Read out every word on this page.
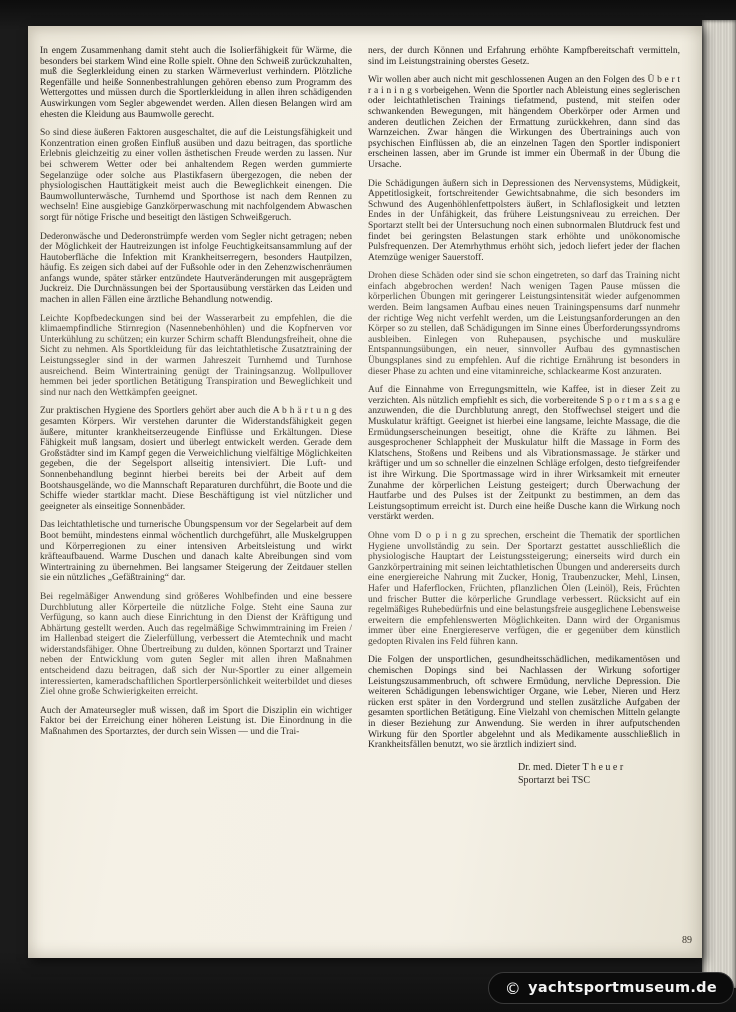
In engem Zusammenhang damit steht auch die Isolierfähigkeit für Wärme, die besonders bei starkem Wind eine Rolle spielt. Ohne den Schweiß zurückzuhalten, muß die Seglerkleidung einen zu starken Wärmeverlust verhindern. Plötzliche Regenfälle und heiße Sonnenbestrahlungen gehören ebenso zum Programm des Wettergottes und müssen durch die Sportlerkleidung in allen ihren schädigenden Auswirkungen vom Segler abgewendet werden. Allen diesen Belangen wird am ehesten die Kleidung aus Baumwolle gerecht.

So sind diese äußeren Faktoren ausgeschaltet, die auf die Leistungsfähigkeit und Konzentration einen großen Einfluß ausüben und dazu beitragen, das sportliche Erlebnis gleichzeitig zu einer vollen ästhetischen Freude werden zu lassen. Nur bei schwerem Wetter oder bei anhaltendem Regen werden gummierte Segelanzüge oder solche aus Plastikfasern übergezogen, die neben der physiologischen Hauttätigkeit meist auch die Beweglichkeit einengen. Die Baumwollunterwäsche, Turnhemd und Sporthose ist nach dem Rennen zu wechseln! Eine ausgiebige Ganzkörperwaschung mit nachfolgendem Abwaschen sorgt für nötige Frische und beseitigt den lästigen Schweißgeruch.

Dederonwäsche und Dederonstrümpfe werden vom Segler nicht getragen; neben der Möglichkeit der Hautreizungen ist infolge Feuchtigkeitsansammlung auf der Hautoberfläche die Infektion mit Krankheitserregern, besonders Hautpilzen, häufig. Es zeigen sich dabei auf der Fußsohle oder in den Zehenzwischenräumen anfangs wunde, später stärker entzündete Hautveränderungen mit ausgeprägtem Juckreiz. Die Durchnässungen bei der Sportausübung verstärken das Leiden und machen in allen Fällen eine ärztliche Behandlung notwendig.

Leichte Kopfbedeckungen sind bei der Wasserarbeit zu empfehlen, die die klimaempfindliche Stirnregion (Nasennebenhöhlen) und die Kopfnerven vor Unterkühlung zu schützen; ein kurzer Schirm schafft Blendungsfreiheit, ohne die Sicht zu nehmen. Als Sportkleidung für das leichtathletische Zusatztraining der Leistungssegler sind in der warmen Jahreszeit Turnhemd und Turnhose ausreichend. Beim Wintertraining genügt der Trainingsanzug. Wollpullover hemmen bei jeder sportlichen Betätigung Transpiration und Beweglichkeit und sind nur nach den Wettkämpfen geeignet.

Zur praktischen Hygiene des Sportlers gehört aber auch die A b h ä r t u n g des gesamten Körpers. Wir verstehen darunter die Widerstandsfähigkeit gegen äußere, mitunter krankheitserzeugende Einflüsse und Erkältungen. Diese Fähigkeit muß langsam, dosiert und überlegt entwickelt werden. Gerade dem Großstädter sind im Kampf gegen die Verweichlichung vielfältige Möglichkeiten gegeben, die der Segelsport allseitig intensiviert. Die Luft- und Sonnenbehandlung beginnt hierbei bereits bei der Arbeit auf dem Bootshausgelände, wo die Mannschaft Reparaturen durchführt, die Boote und die Schiffe wieder startklar macht. Diese Beschäftigung ist viel nützlicher und geeigneter als einseitige Sonnenbäder.

Das leichtathletische und turnerische Übungspensum vor der Segelarbeit auf dem Boot bemüht, mindestens einmal wöchentlich durchgeführt, alle Muskelgruppen und Körperregionen zu einer intensiven Arbeitsleistung und wirkt kräfteaufbauend. Warme Duschen und danach kalte Abreibungen sind vom Wintertraining zu übernehmen. Bei langsamer Steigerung der Zeitdauer stellen sie ein nützliches „Gefäßtraining“ dar.

Bei regelmäßiger Anwendung sind größeres Wohlbefinden und eine bessere Durchblutung aller Körperteile die nützliche Folge. Steht eine Sauna zur Verfügung, so kann auch diese Einrichtung in den Dienst der Kräftigung und Abhärtung gestellt werden. Auch das regelmäßige Schwimmtraining im Freien / im Hallenbad steigert die Zielerfüllung, verbessert die Atemtechnik und macht widerstandsfähiger. Ohne Übertreibung zu dulden, können Sportarzt und Trainer neben der Entwicklung vom guten Segler mit allen ihren Maßnahmen entscheidend dazu beitragen, daß sich der Nur-Sportler zu einer allgemein interessierten, kameradschaftlichen Sportlerpersönlichkeit weiterbildet und dieses Ziel ohne große Schwierigkeiten erreicht.

Auch der Amateursegler muß wissen, daß im Sport die Disziplin ein wichtiger Faktor bei der Erreichung einer höheren Leistung ist. Die Einordnung in die Maßnahmen des Sportarztes, der durch sein Wissen — und die Trai-

ners, der durch Können und Erfahrung erhöhte Kampfbereitschaft vermitteln, sind im Leistungstraining oberstes Gesetz.

Wir wollen aber auch nicht mit geschlossenen Augen an den Folgen des Ü b e r t r a i n i n g s vorbeigehen. Wenn die Sportler nach Ableistung eines seglerischen oder leichtathletischen Trainings tiefatmend, pustend, mit steifen oder schwankenden Bewegungen, mit hängendem Oberkörper oder Armen und anderen deutlichen Zeichen der Ermattung zurückkehren, dann sind das Warnzeichen. Zwar hängen die Wirkungen des Übertrainings auch von psychischen Einflüssen ab, die an einzelnen Tagen den Sportler indisponiert erscheinen lassen, aber im Grunde ist immer ein Übermaß in der Übung die Ursache.

Die Schädigungen äußern sich in Depressionen des Nervensystems, Müdigkeit, Appetitlosigkeit, fortschreitender Gewichtsabnahme, die sich besonders im Schwund des Augenhöhlenfettpolsters äußert, in Schlaflosigkeit und letzten Endes in der Unfähigkeit, das frühere Leistungsniveau zu erreichen. Der Sportarzt stellt bei der Untersuchung noch einen subnormalen Blutdruck fest und findet bei geringsten Belastungen stark erhöhte und unökonomische Pulsfrequenzen. Der Atemrhythmus erhöht sich, jedoch liefert jeder der flachen Atemzüge weniger Sauerstoff.

Drohen diese Schäden oder sind sie schon eingetreten, so darf das Training nicht einfach abgebrochen werden! Nach wenigen Tagen Pause müssen die körperlichen Übungen mit geringerer Leistungsintensität wieder aufgenommen werden. Beim langsamen Aufbau eines neuen Trainingspensums darf nunmehr der richtige Weg nicht verfehlt werden, um die Leistungsanforderungen an den Körper so zu stellen, daß Schädigungen im Sinne eines Überforderungssyndroms ausbleiben. Einlegen von Ruhepausen, psychische und muskuläre Entspannungsübungen, ein neuer, sinnvoller Aufbau des gymnastischen Übungsplanes sind zu empfehlen. Auf die richtige Ernährung ist besonders in dieser Phase zu achten und eine vitaminreiche, schlackearme Kost anzuraten.

Auf die Einnahme von Erregungsmitteln, wie Kaffee, ist in dieser Zeit zu verzichten. Als nützlich empfiehlt es sich, die vorbereitende S p o r t m a s s a g e anzuwenden, die die Durchblutung anregt, den Stoffwechsel steigert und die Muskulatur kräftigt. Geeignet ist hierbei eine langsame, leichte Massage, die die Ermüdungserscheinungen beseitigt, ohne die Kräfte zu lähmen. Bei ausgesprochener Schlappheit der Muskulatur hilft die Massage in Form des Klatschens, Stoßens und Reibens und als Vibrationsmassage. Je stärker und kräftiger und um so schneller die einzelnen Schläge erfolgen, desto tiefgreifender ist ihre Wirkung. Die Sportmassage wird in ihrer Wirksamkeit mit erneuter Zunahme der körperlichen Leistung gesteigert; durch Überwachung der Hautfarbe und des Pulses ist der Zeitpunkt zu bestimmen, an dem das Leistungsoptimum erreicht ist. Durch eine heiße Dusche kann die Wirkung noch verstärkt werden.

Ohne vom D o p i n g zu sprechen, erscheint die Thematik der sportlichen Hygiene unvollständig zu sein. Der Sportarzt gestattet ausschließlich die physiologische Hauptart der Leistungssteigerung; einerseits wird durch ein Ganzkörpertraining mit seinen leichtathletischen Übungen und andererseits durch eine energiereiche Nahrung mit Zucker, Honig, Traubenzucker, Mehl, Linsen, Hafer und Haferflocken, Früchten, pflanzlichen Ölen (Leinöl), Reis, Früchten und frischer Butter die körperliche Grundlage verbessert. Rücksicht auf ein regelmäßiges Ruhebedürfnis und eine belastungsfreie ausgeglichene Lebensweise erweitern die empfehlenswerten Möglichkeiten. Dann wird der Organismus immer über eine Energiereserve verfügen, die er gegenüber dem künstlich gedopten Rivalen ins Feld führen kann.

Die Folgen der unsportlichen, gesundheitsschädlichen, medikamentösen und chemischen Dopings sind bei Nachlassen der Wirkung sofortiger Leistungszusammenbruch, oft schwere Ermüdung, nervliche Depression. Die weiteren Schädigungen lebenswichtiger Organe, wie Leber, Nieren und Herz rücken erst später in den Vordergrund und stellen zusätzliche Aufgaben der gesamten sportlichen Betätigung. Eine Vielzahl von chemischen Mitteln gelangte in dieser Beziehung zur Anwendung. Sie werden in ihrer aufputschenden Wirkung für den Sportler abgelehnt und als Medikamente ausschließlich in Krankheitsfällen benutzt, wo sie ärztlich indiziert sind.

Dr. med. Dieter T h e u e r
Sportarzt bei TSC
89
© yachtsportmuseum.de
